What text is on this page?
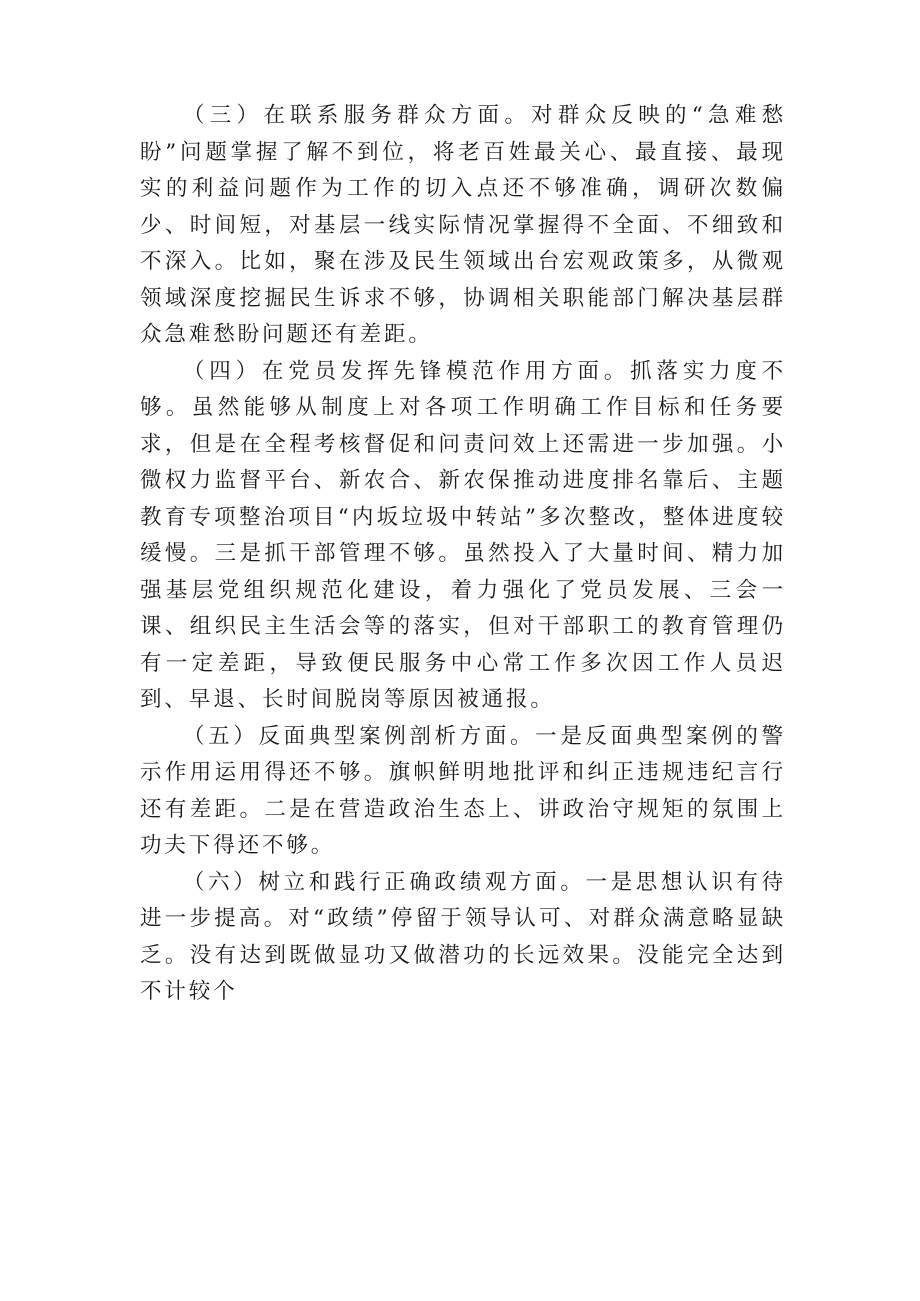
（三）在联系服务群众方面。对群众反映的“急难愁盼”问题掌握了解不到位，将老百姓最关心、最直接、最现实的利益问题作为工作的切入点还不够准确，调研次数偏少、时间短，对基层一线实际情况掌握得不全面、不细致和不深入。比如，聚在涉及民生领域出台宏观政策多，从微观领域深度挖掘民生诉求不够，协调相关职能部门解决基层群众急难愁盼问题还有差距。

（四）在党员发挥先锋模范作用方面。抓落实力度不够。虽然能够从制度上对各项工作明确工作目标和任务要求，但是在全程考核督促和问责问效上还需进一步加强。小微权力监督平台、新农合、新农保推动进度排名靠后、主题教育专项整治项目“内坂垃圾中转站”多次整改，整体进度较缓慢。三是抓干部管理不够。虽然投入了大量时间、精力加强基层党组织规范化建设，着力强化了党员发展、三会一课、组织民主生活会等的落实，但对干部职工的教育管理仍有一定差距，导致便民服务中心常工作多次因工作人员迟到、早退、长时间脱岗等原因被通报。

（五）反面典型案例剖析方面。一是反面典型案例的警示作用运用得还不够。旗帜鲜明地批评和纠正违规违纪言行还有差距。二是在营造政治生态上、讲政治守规矩的氛围上功夫下得还不够。

（六）树立和践行正确政绩观方面。一是思想认识有待进一步提高。对“政绩”停留于领导认可、对群众满意略显缺乏。没有达到既做显功又做潜功的长远效果。没能完全达到不计较个
